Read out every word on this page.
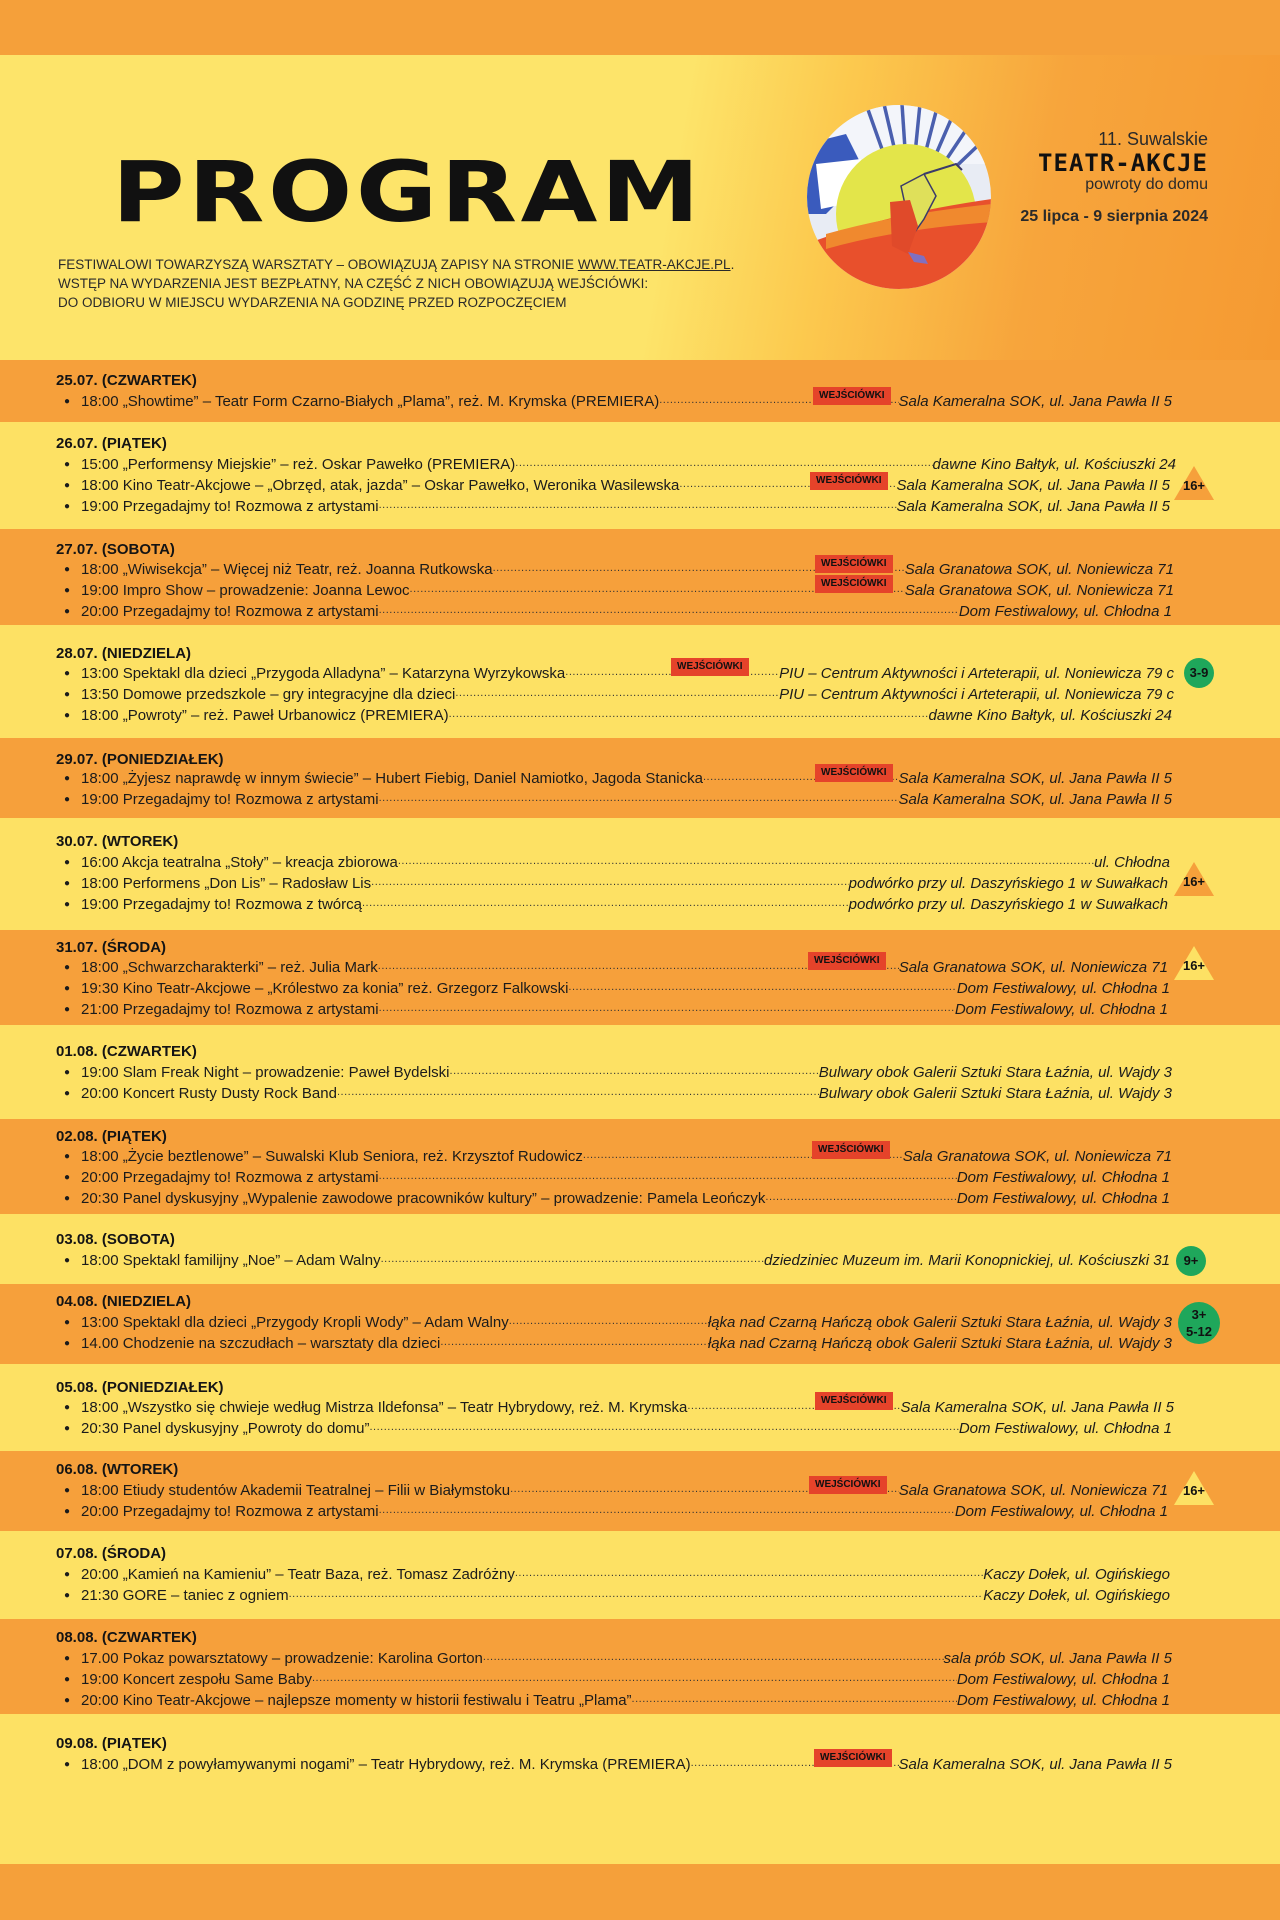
PROGRAM
FESTIWALOWI TOWARZYSZĄ WARSZTATY – OBOWIĄZUJĄ ZAPISY NA STRONIE WWW.TEATR-AKCJE.PL.
WSTĘP NA WYDARZENIA JEST BEZPŁATNY, NA CZĘŚĆ Z NICH OBOWIĄZUJĄ WEJŚCIÓWKI:
DO ODBIORU W MIEJSCU WYDARZENIA NA GODZINĘ PRZED ROZPOCZĘCIEM
11. Suwalskie
TEATR-AKCJE
powroty do domu
25 lipca - 9 sierpnia 2024
25.07. (CZWARTEK)
● 18:00 „Showtime” – Teatr Form Czarno-Białych „Plama”, reż. M. Krymska (PREMIERA) .....	Sala Kameralna SOK, ul. Jana Pawła II 5
WEJŚCIÓWKI
26.07. (PIĄTEK)
● 15:00 „Performensy Miejskie” – reż. Oskar Pawełko (PREMIERA) .....	dawne Kino Bałtyk, ul. Kościuszki 24
● 18:00 Kino Teatr-Akcjowe – „Obrzęd, atak, jazda” – Oskar Pawełko, Weronika Wasilewska .....	Sala Kameralna SOK, ul. Jana Pawła II 5
● 19:00 Przegadajmy to! Rozmowa z artystami .....	Sala Kameralna SOK, ul. Jana Pawła II 5
WEJŚCIÓWKI	16+
27.07. (SOBOTA)
● 18:00 „Wiwisekcja” – Więcej niż Teatr, reż. Joanna Rutkowska .....	Sala Granatowa SOK, ul. Noniewicza 71
● 19:00 Impro Show – prowadzenie: Joanna Lewoc .....	Sala Granatowa SOK, ul. Noniewicza 71
● 20:00 Przegadajmy to! Rozmowa z artystami .....	Dom Festiwalowy, ul. Chłodna 1
WEJŚCIÓWKI
WEJŚCIÓWKI
28.07. (NIEDZIELA)
● 13:00 Spektakl dla dzieci „Przygoda Alladyna” – Katarzyna Wyrzykowska .....	PIU – Centrum Aktywności i Arteterapii, ul. Noniewicza 79 c
● 13:50 Domowe przedszkole – gry integracyjne dla dzieci .....	PIU – Centrum Aktywności i Arteterapii, ul. Noniewicza 79 c
● 18:00 „Powroty” – reż. Paweł Urbanowicz (PREMIERA) .....	dawne Kino Bałtyk, ul. Kościuszki 24
WEJŚCIÓWKI	3-9
29.07. (PONIEDZIAŁEK)
● 18:00 „Żyjesz naprawdę w innym świecie” – Hubert Fiebig, Daniel Namiotko, Jagoda Stanicka .....	Sala Kameralna SOK, ul. Jana Pawła II 5
● 19:00 Przegadajmy to! Rozmowa z artystami .....	Sala Kameralna SOK, ul. Jana Pawła II 5
WEJŚCIÓWKI
30.07. (WTOREK)
● 16:00 Akcja teatralna „Stoły” – kreacja zbiorowa .....	ul. Chłodna
● 18:00 Performens „Don Lis” – Radosław Lis .....	podwórko przy ul. Daszyńskiego 1 w Suwałkach
● 19:00 Przegadajmy to! Rozmowa z twórcą .....	podwórko przy ul. Daszyńskiego 1 w Suwałkach
16+
31.07. (ŚRODA)
● 18:00 „Schwarzcharakterki” – reż. Julia Mark .....	Sala Granatowa SOK, ul. Noniewicza 71
● 19:30 Kino Teatr-Akcjowe – „Królestwo za konia” reż. Grzegorz Falkowski .....	Dom Festiwalowy, ul. Chłodna 1
● 21:00 Przegadajmy to! Rozmowa z artystami .....	Dom Festiwalowy, ul. Chłodna 1
WEJŚCIÓWKI	16+
01.08. (CZWARTEK)
● 19:00 Slam Freak Night – prowadzenie: Paweł Bydelski .....	Bulwary obok Galerii Sztuki Stara Łaźnia, ul. Wajdy 3
● 20:00 Koncert Rusty Dusty Rock Band .....	Bulwary obok Galerii Sztuki Stara Łaźnia, ul. Wajdy 3
02.08. (PIĄTEK)
● 18:00 „Życie beztlenowe” – Suwalski Klub Seniora, reż. Krzysztof Rudowicz .....	Sala Granatowa SOK, ul. Noniewicza 71
● 20:00 Przegadajmy to! Rozmowa z artystami .....	Dom Festiwalowy, ul. Chłodna 1
● 20:30 Panel dyskusyjny „Wypalenie zawodowe pracowników kultury” – prowadzenie: Pamela Leończyk .....	Dom Festiwalowy, ul. Chłodna 1
WEJŚCIÓWKI
03.08. (SOBOTA)
● 18:00 Spektakl familijny „Noe” – Adam Walny .....	dziedziniec Muzeum im. Marii Konopnickiej, ul. Kościuszki 31	9+
04.08. (NIEDZIELA)
● 13:00 Spektakl dla dzieci „Przygody Kropli Wody” – Adam Walny .....	łąka nad Czarną Hańczą obok Galerii Sztuki Stara Łaźnia, ul. Wajdy 3
● 14.00 Chodzenie na szczudłach – warsztaty dla dzieci .....	łąka nad Czarną Hańczą obok Galerii Sztuki Stara Łaźnia, ul. Wajdy 3
3+
5-12
05.08. (PONIEDZIAŁEK)
● 18:00 „Wszystko się chwieje według Mistrza Ildefonsa” – Teatr Hybrydowy, reż. M. Krymska .....	Sala Kameralna SOK, ul. Jana Pawła II 5
● 20:30 Panel dyskusyjny „Powroty do domu” .....	Dom Festiwalowy, ul. Chłodna 1
WEJŚCIÓWKI
06.08. (WTOREK)
● 18:00 Etiudy studentów Akademii Teatralnej – Filii w Białymstoku .....	Sala Granatowa SOK, ul. Noniewicza 71
● 20:00 Przegadajmy to! Rozmowa z artystami .....	Dom Festiwalowy, ul. Chłodna 1
WEJŚCIÓWKI	16+
07.08. (ŚRODA)
● 20:00 „Kamień na Kamieniu” – Teatr Baza, reż. Tomasz Zadróżny .....	Kaczy Dołek, ul. Ogińskiego
● 21:30 GORE – taniec z ogniem .....	Kaczy Dołek, ul. Ogińskiego
08.08. (CZWARTEK)
● 17.00 Pokaz powarsztatowy – prowadzenie: Karolina Gorton .....	sala prób SOK, ul. Jana Pawła II 5
● 19:00 Koncert zespołu Same Baby .....	Dom Festiwalowy, ul. Chłodna 1
● 20:00 Kino Teatr-Akcjowe – najlepsze momenty w historii festiwalu i Teatru „Plama” .....	Dom Festiwalowy, ul. Chłodna 1
09.08. (PIĄTEK)
● 18:00 „DOM z powyłamywanymi nogami” – Teatr Hybrydowy, reż. M. Krymska (PREMIERA) .....	Sala Kameralna SOK, ul. Jana Pawła II 5
WEJŚCIÓWKI
